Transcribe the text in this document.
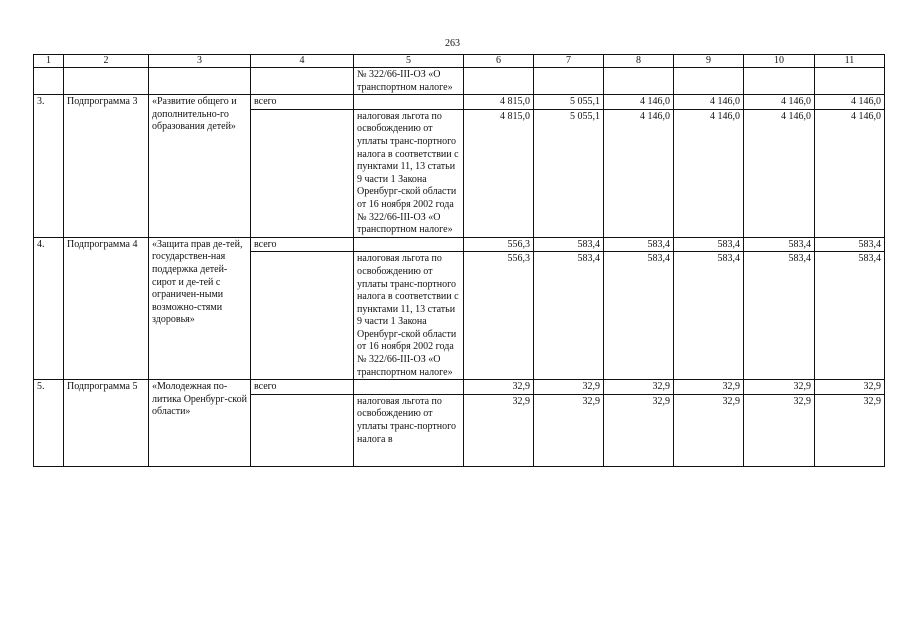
263
1	2	3	4	5	6	7	8	9	10	11
				№ 322/66-III-ОЗ «О транспортном налоге»						
3.	Подпрограмма 3	«Развитие общего и дополнительно-го образования детей»	всего		4 815,0	5 055,1	4 146,0	4 146,0	4 146,0	4 146,0
				налоговая льгота по освобождению от уплаты транс-портного налога в соответствии с пунктами 11, 13 статьи 9 части 1 Закона Оренбург-ской области от 16 ноября 2002 года № 322/66-III-ОЗ «О транспортном налоге»	4 815,0	5 055,1	4 146,0	4 146,0	4 146,0	4 146,0
4.	Подпрограмма 4	«Защита прав де-тей, государствен-ная поддержка детей-сирот и де-тей с ограничен-ными возможно-стями здоровья»	всего		556,3	583,4	583,4	583,4	583,4	583,4
				налоговая льгота по освобождению от уплаты транс-портного налога в соответствии с пунктами 11, 13 статьи 9 части 1 Закона Оренбург-ской области от 16 ноября 2002 года № 322/66-III-ОЗ «О транспортном налоге»	556,3	583,4	583,4	583,4	583,4	583,4
5.	Подпрограмма 5	«Молодежная по-литика Оренбург-ской области»	всего		32,9	32,9	32,9	32,9	32,9	32,9
				налоговая льгота по освобождению от уплаты транс-портного налога в	32,9	32,9	32,9	32,9	32,9	32,9
